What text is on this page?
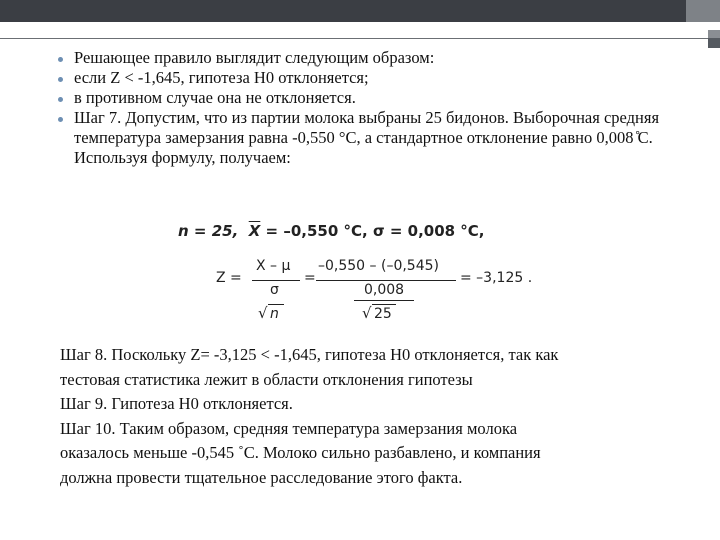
Решающее правило выглядит следующим образом:
если Z < -1,645, гипотеза H0 отклоняется;
в противном случае она не отклоняется.
Шаг 7. Допустим, что из партии молока выбраны 25 бидонов. Выборочная средняя температура замерзания равна -0,550 °С, а стандартное отклонение равно 0,008 ̊С. Используя формулу, получаем:
n = 25, $\overline{X} = -0,550$ °C, σ = 0,008 °C,
Z =
X – μ
σ
√ n
=
–0,550 – (–0,545)
0,008
√ 25
= –3,125 .
Шаг 8. Поскольку Z= -3,125 < -1,645, гипотеза H0 отклоняется, так как
тестовая статистика лежит в области отклонения гипотезы
Шаг 9. Гипотеза H0 отклоняется.
Шаг 10. Таким образом, средняя температура замерзания молока
оказалось меньше -0,545 ˚С. Молоко сильно разбавлено, и компания
должна провести тщательное расследование этого факта.
